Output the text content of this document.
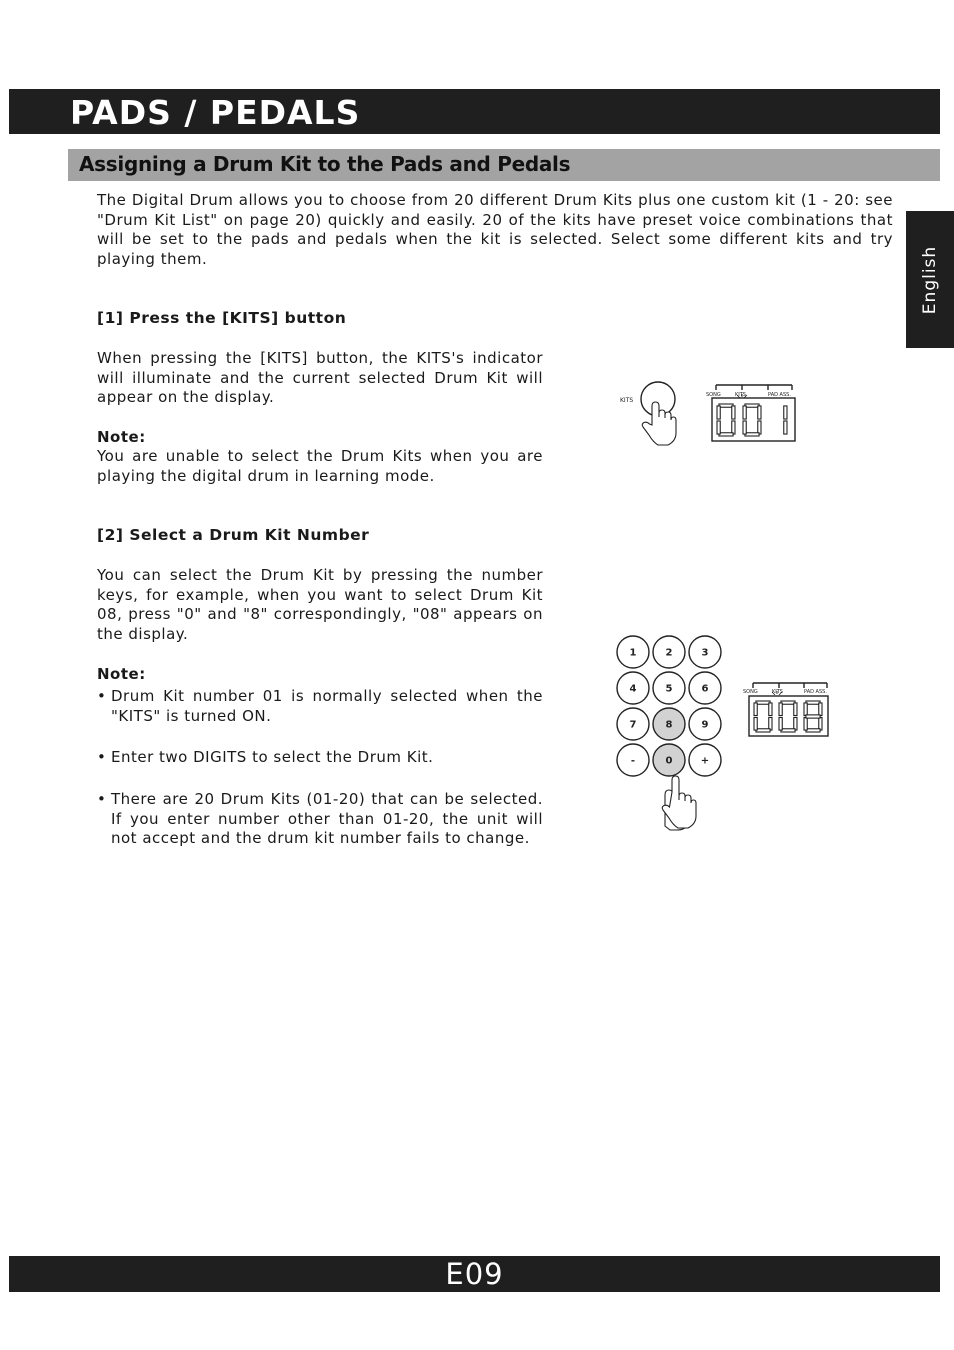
PADS / PEDALS
Assigning a Drum Kit to the Pads and Pedals
English

The Digital Drum allows you to choose from 20 different Drum Kits plus one custom kit (1 - 20: see "Drum Kit List" on page 20) quickly and easily. 20 of the kits have preset voice combinations that will be set to the pads and pedals when the kit is selected. Select some different kits and try playing them.

[1] Press the [KITS] button

When pressing the [KITS] button, the KITS's indicator will illuminate and the current selected Drum Kit will appear on the display.

Note:

You are unable to select the Drum Kits when you are playing the digital drum in learning mode.

[2] Select a Drum Kit Number

You can select the Drum Kit by pressing the number keys, for example, when you want to select Drum Kit 08, press "0" and "8" correspondingly, "08" appears on the display.

Note:

• Drum Kit number 01 is normally selected when the "KITS" is turned ON.
• Enter two DIGITS to select the Drum Kit.
• There are 20 Drum Kits (01-20) that can be selected. If you enter number other than 01-20, the unit will not accept and the drum kit number fails to change.
KITS
SONG	KITS	PAD ASS.
1	2	3
4	5	6
7	8	9
-	0	+
SONG	KITS	PAD ASS.
E09
